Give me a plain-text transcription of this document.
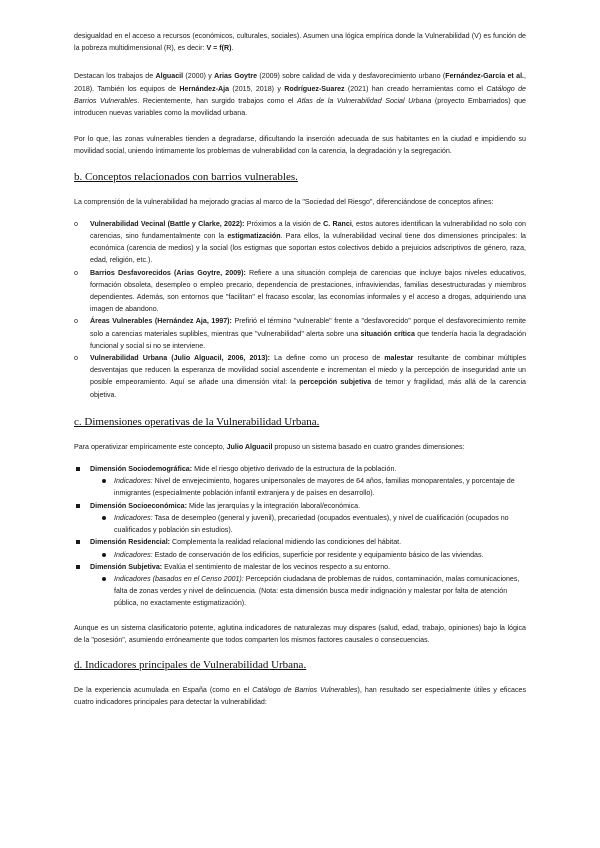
desigualdad en el acceso a recursos (económicos, culturales, sociales). Asumen una lógica empírica donde la Vulnerabilidad (V) es función de la pobreza multidimensional (R), es decir: V = f(R).

Destacan los trabajos de Alguacil (2000) y Arias Goytre (2009) sobre calidad de vida y desfavorecimiento urbano (Fernández-García et al., 2018). También los equipos de Hernández-Aja (2015, 2018) y Rodríguez-Suarez (2021) han creado herramientas como el Catálogo de Barrios Vulnerables. Recientemente, han surgido trabajos como el Atlas de la Vulnerabilidad Social Urbana (proyecto Embarriados) que introducen nuevas variables como la movilidad urbana.

Por lo que, las zonas vulnerables tienden a degradarse, dificultando la inserción adecuada de sus habitantes en la ciudad e impidiendo su movilidad social, uniendo íntimamente los problemas de vulnerabilidad con la carencia, la degradación y la segregación.

b. Conceptos relacionados con barrios vulnerables.

La comprensión de la vulnerabilidad ha mejorado gracias al marco de la "Sociedad del Riesgo", diferenciándose de conceptos afines:

o Vulnerabilidad Vecinal (Battle y Clarke, 2022): Próximos a la visión de C. Ranci, estos autores identifican la vulnerabilidad no solo con carencias, sino fundamentalmente con la estigmatización. Para ellos, la vulnerabilidad vecinal tiene dos dimensiones principales: la económica (carencia de medios) y la social (los estigmas que soportan estos colectivos debido a prejuicios adscriptivos de género, raza, edad, religión, etc.).
o Barrios Desfavorecidos (Arias Goytre, 2009): Refiere a una situación compleja de carencias que incluye bajos niveles educativos, formación obsoleta, desempleo o empleo precario, dependencia de prestaciones, infraviviendas, familias desestructuradas y miembros dependientes. Además, son entornos que "facilitan" el fracaso escolar, las economías informales y el acceso a drogas, adquiriendo una imagen de abandono.
o Áreas Vulnerables (Hernández Aja, 1997): Prefirió el término "vulnerable" frente a "desfavorecido" porque el desfavorecimiento remite solo a carencias materiales suplibles, mientras que "vulnerabilidad" alerta sobre una situación crítica que tendería hacia la degradación funcional y social si no se interviene.
o Vulnerabilidad Urbana (Julio Alguacil, 2006, 2013): La define como un proceso de malestar resultante de combinar múltiples desventajas que reducen la esperanza de movilidad social ascendente e incrementan el miedo y la percepción de inseguridad ante un posible empeoramiento. Aquí se añade una dimensión vital: la percepción subjetiva de temor y fragilidad, más allá de la carencia objetiva.
c. Dimensiones operativas de la Vulnerabilidad Urbana.

Para operativizar empíricamente este concepto, Julio Alguacil propuso un sistema basado en cuatro grandes dimensiones:

Dimensión Sociodemográfica: Mide el riesgo objetivo derivado de la estructura de la población.
Indicadores: Nivel de envejecimiento, hogares unipersonales de mayores de 64 años, familias monoparentales, y porcentaje de inmigrantes (especialmente población infantil extranjera y de países en desarrollo).
Dimensión Socioeconómica: Mide las jerarquías y la integración laboral/económica.
Indicadores: Tasa de desempleo (general y juvenil), precariedad (ocupados eventuales), y nivel de cualificación (ocupados no cualificados y población sin estudios).
Dimensión Residencial: Complementa la realidad relacional midiendo las condiciones del hábitat.
Indicadores: Estado de conservación de los edificios, superficie por residente y equipamiento básico de las viviendas.
Dimensión Subjetiva: Evalúa el sentimiento de malestar de los vecinos respecto a su entorno.
Indicadores (basados en el Censo 2001): Percepción ciudadana de problemas de ruidos, contaminación, malas comunicaciones, falta de zonas verdes y nivel de delincuencia. (Nota: esta dimensión busca medir indignación y malestar por falta de atención pública, no exactamente estigmatización).

Aunque es un sistema clasificatorio potente, aglutina indicadores de naturalezas muy dispares (salud, edad, trabajo, opiniones) bajo la lógica de la "posesión", asumiendo erróneamente que todos comparten los mismos factores causales o consecuencias.

d. Indicadores principales de Vulnerabilidad Urbana.

De la experiencia acumulada en España (como en el Catálogo de Barrios Vulnerables), han resultado ser especialmente útiles y eficaces cuatro indicadores principales para detectar la vulnerabilidad:
